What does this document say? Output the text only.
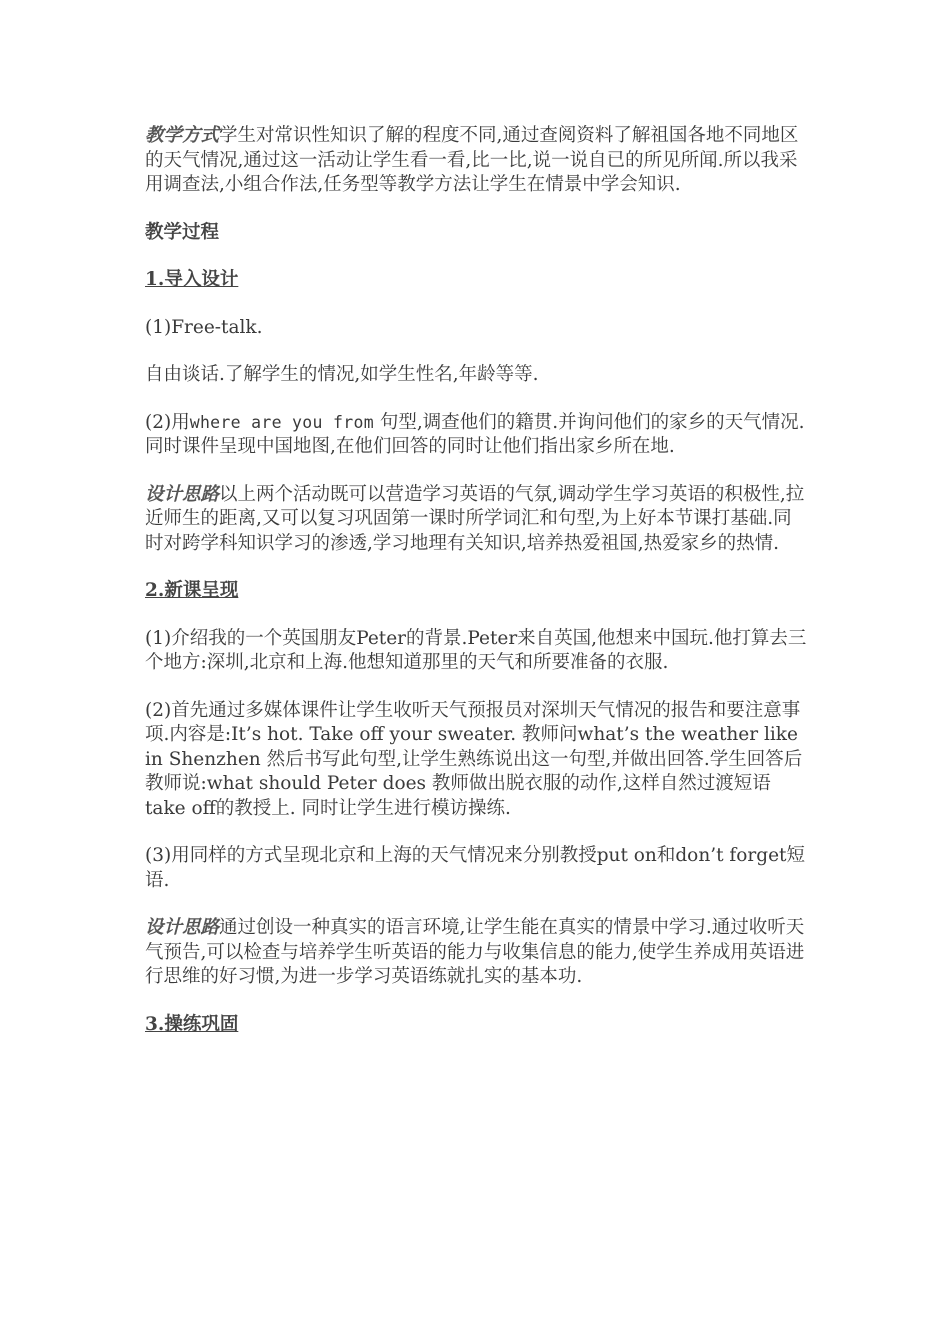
教学方式学生对常识性知识了解的程度不同,通过查阅资料了解祖国各地不同地区的天气情况,通过这一活动让学生看一看,比一比,说一说自已的所见所闻.所以我采用调查法,小组合作法,任务型等教学方法让学生在情景中学会知识.

教学过程

1.导入设计

(1)Free-talk.

自由谈话.了解学生的情况,如学生性名,年龄等等.

(2)用where are you from 句型,调查他们的籍贯.并询问他们的家乡的天气情况.同时课件呈现中国地图,在他们回答的同时让他们指出家乡所在地.

设计思路以上两个活动既可以营造学习英语的气氛,调动学生学习英语的积极性,拉近师生的距离,又可以复习巩固第一课时所学词汇和句型,为上好本节课打基础.同时对跨学科知识学习的渗透,学习地理有关知识,培养热爱祖国,热爱家乡的热情.

2.新课呈现

(1)介绍我的一个英国朋友Peter的背景.Peter来自英国,他想来中国玩.他打算去三个地方:深圳,北京和上海.他想知道那里的天气和所要准备的衣服.

(2)首先通过多媒体课件让学生收听天气预报员对深圳天气情况的报告和要注意事项.内容是:It’s hot. Take off your sweater. 教师问what’s the weather like in Shenzhen 然后书写此句型,让学生熟练说出这一句型,并做出回答.学生回答后教师说:what should Peter does 教师做出脱衣服的动作,这样自然过渡短语take off的教授上. 同时让学生进行模访操练.

(3)用同样的方式呈现北京和上海的天气情况来分别教授put on和don’t forget短语.

设计思路通过创设一种真实的语言环境,让学生能在真实的情景中学习.通过收听天气预告,可以检查与培养学生听英语的能力与收集信息的能力,使学生养成用英语进行思维的好习惯,为进一步学习英语练就扎实的基本功.

3.操练巩固
